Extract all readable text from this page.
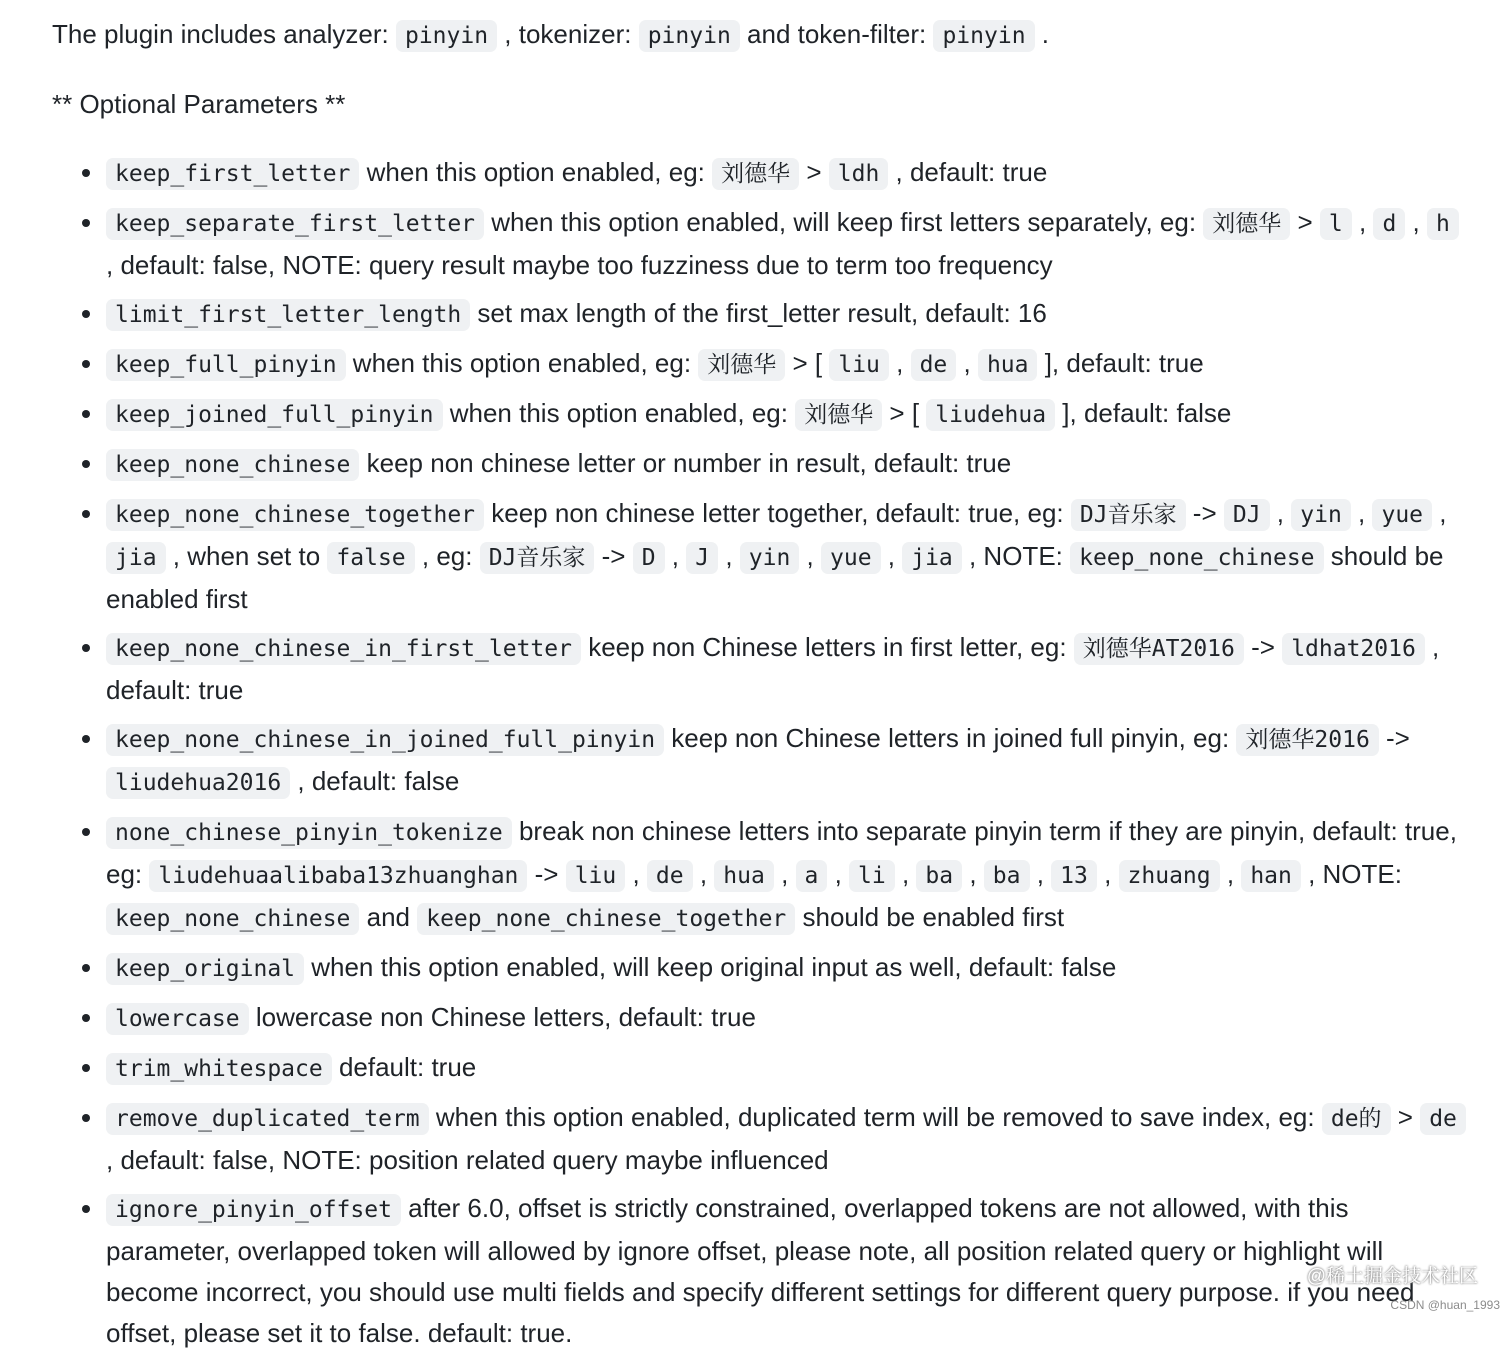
The plugin includes analyzer: pinyin , tokenizer: pinyin and token-filter: pinyin .

** Optional Parameters **

keep_first_letter when this option enabled, eg: 刘德华 > ldh , default: true
keep_separate_first_letter when this option enabled, will keep first letters separately, eg: 刘德华 > l , d , h , default: false, NOTE: query result maybe too fuzziness due to term too frequency
limit_first_letter_length set max length of the first_letter result, default: 16
keep_full_pinyin when this option enabled, eg: 刘德华 > [ liu , de , hua ], default: true
keep_joined_full_pinyin when this option enabled, eg: 刘德华 > [ liudehua ], default: false
keep_none_chinese keep non chinese letter or number in result, default: true
keep_none_chinese_together keep non chinese letter together, default: true, eg: DJ音乐家 -> DJ , yin , yue , jia , when set to false , eg: DJ音乐家 -> D , J , yin , yue , jia , NOTE: keep_none_chinese should be enabled first
keep_none_chinese_in_first_letter keep non Chinese letters in first letter, eg: 刘德华AT2016 -> ldhat2016 , default: true
keep_none_chinese_in_joined_full_pinyin keep non Chinese letters in joined full pinyin, eg: 刘德华2016 -> liudehua2016 , default: false
none_chinese_pinyin_tokenize break non chinese letters into separate pinyin term if they are pinyin, default: true, eg: liudehuaalibaba13zhuanghan -> liu , de , hua , a , li , ba , ba , 13 , zhuang , han , NOTE: keep_none_chinese and keep_none_chinese_together should be enabled first
keep_original when this option enabled, will keep original input as well, default: false
lowercase lowercase non Chinese letters, default: true
trim_whitespace default: true
remove_duplicated_term when this option enabled, duplicated term will be removed to save index, eg: de的 > de , default: false, NOTE: position related query maybe influenced
ignore_pinyin_offset after 6.0, offset is strictly constrained, overlapped tokens are not allowed, with this parameter, overlapped token will allowed by ignore offset, please note, all position related query or highlight will become incorrect, you should use multi fields and specify different settings for different query purpose. if you need offset, please set it to false. default: true.
@稀土掘金技术社区
CSDN @huan_1993
